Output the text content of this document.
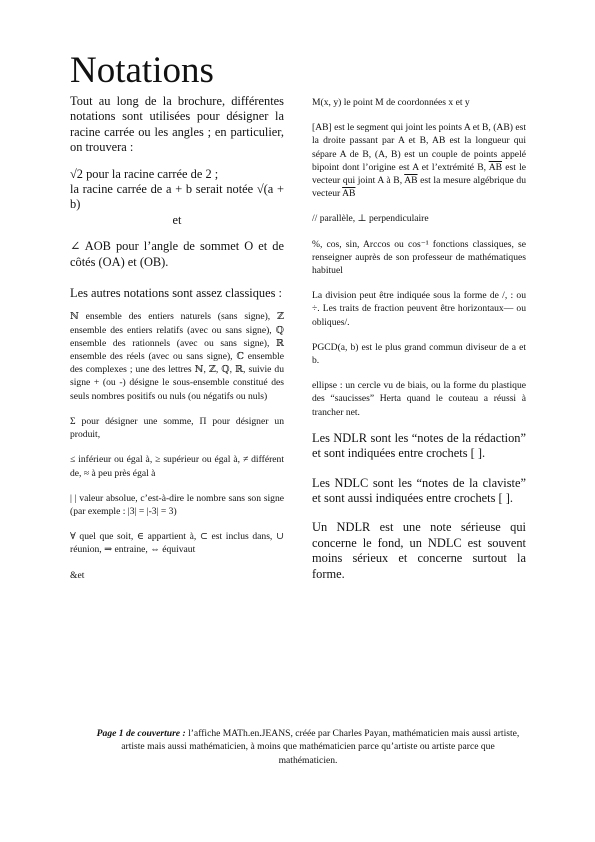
Notations

Tout au long de la brochure, différentes notations sont utilisées pour désigner la racine carrée ou les angles ; en particulier, on trouvera :

√2 pour la racine carrée de 2 ;

la racine carrée de a + b serait notée √(a + b)

et

∠ AOB pour l’angle de sommet O et de côtés (OA) et (OB).

Les autres notations sont assez classiques :

ℕ ensemble des entiers naturels (sans signe), ℤ ensemble des entiers relatifs (avec ou sans signe), ℚ ensemble des rationnels (avec ou sans signe), ℝ ensemble des réels (avec ou sans signe), ℂ ensemble des complexes ; une des lettres ℕ, ℤ, ℚ, ℝ, suivie du signe + (ou -) désigne le sous-ensemble constitué des seuls nombres positifs ou nuls (ou négatifs ou nuls)

Σ pour désigner une somme, Π pour désigner un produit,

≤ inférieur ou égal à, ≥ supérieur ou égal à, ≠ différent de, ≈ à peu près égal à

| | valeur absolue, c’est-à-dire le nombre sans son signe (par exemple : |3| = |-3| = 3)

∀ quel que soit, ∈ appartient à, ⊂ est inclus dans, ∪ réunion, ⇒ entraine, ⇔ équivaut

&et

M(x, y) le point M de coordonnées x et y

[AB] est le segment qui joint les points A et B, (AB) est la droite passant par A et B, AB est la longueur qui sépare A de B, (A, B) est un couple de points appelé bipoint dont l’origine est A et l’extrémité B, $\overline{AB}$ est le vecteur qui joint A à B, $\overline{AB}$ est la mesure algébrique du vecteur $\overline{AB}$

// parallèle, ⊥ perpendiculaire

%, cos, sin, Arccos ou cos⁻¹ fonctions classiques, se renseigner auprès de son professeur de mathématiques habituel

La division peut être indiquée sous la forme de /, : ou ÷. Les traits de fraction peuvent être horizontaux— ou obliques/.

PGCD(a, b) est le plus grand commun diviseur de a et b.

ellipse : un cercle vu de biais, ou la forme du plastique des “saucisses” Herta quand le couteau a réussi à trancher net.

Les NDLR sont les “notes de la rédaction” et sont indiquées entre crochets [ ].

Les NDLC sont les “notes de la claviste” et sont aussi indiquées entre crochets [ ].

Un NDLR est une note sérieuse qui concerne le fond, un NDLC est souvent moins sérieux et concerne surtout la forme.

Page 1 de couverture : l’affiche MATh.en.JEANS, créée par Charles Payan, mathématicien mais aussi artiste, artiste mais aussi mathématicien, à moins que mathématicien parce qu’artiste ou artiste parce que mathématicien.
